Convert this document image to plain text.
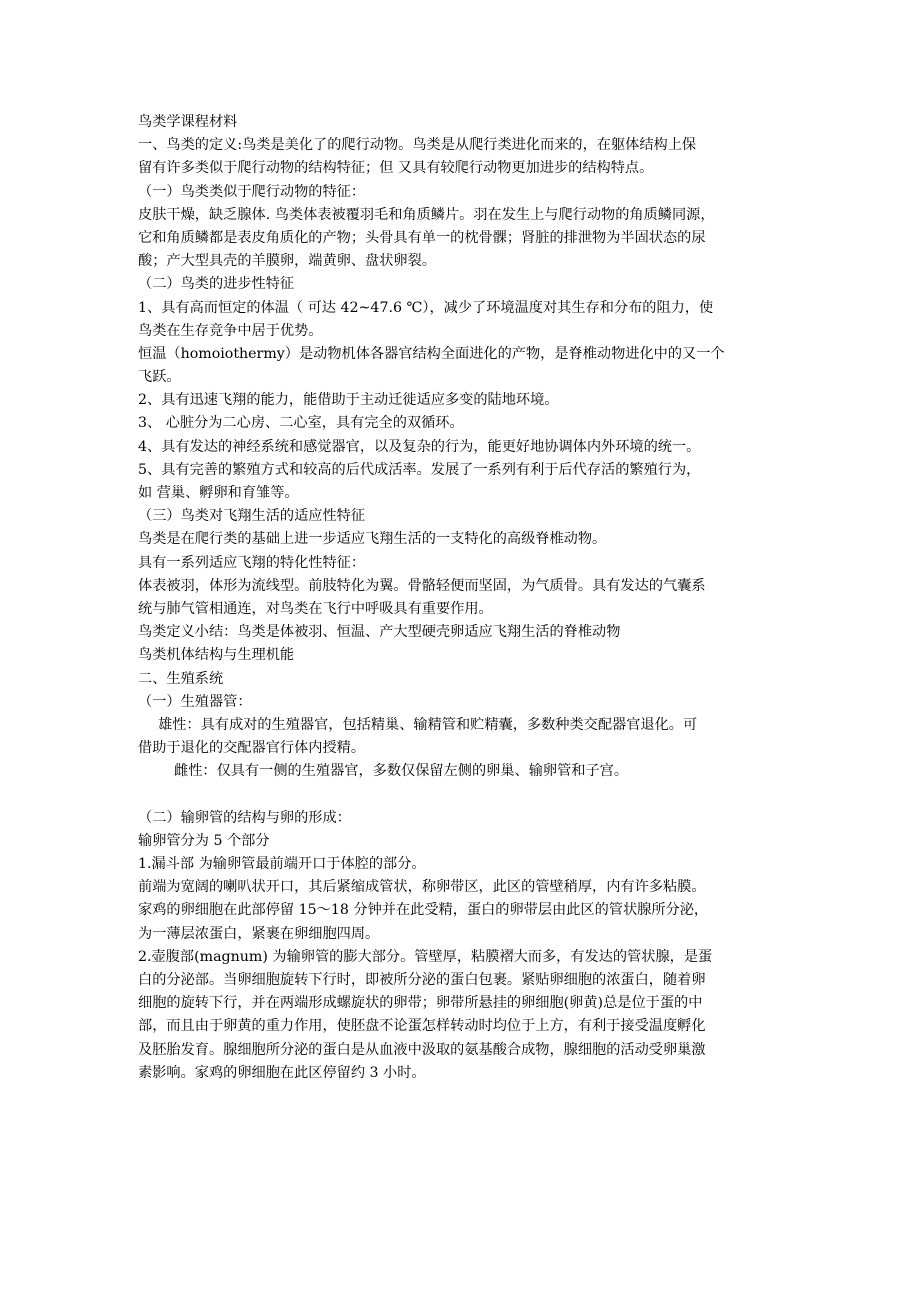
鸟类学课程材料
一、鸟类的定义:鸟类是美化了的爬行动物。鸟类是从爬行类进化而来的，在躯体结构上保
留有许多类似于爬行动物的结构特征；但 又具有较爬行动物更加进步的结构特点。
（一）鸟类类似于爬行动物的特征：
皮肤干燥，缺乏腺体. 鸟类体表被覆羽毛和角质鳞片。羽在发生上与爬行动物的角质鳞同源，
它和角质鳞都是表皮角质化的产物；头骨具有单一的枕骨髁；肾脏的排泄物为半固状态的尿
酸；产大型具壳的羊膜卵，端黄卵、盘状卵裂。
（二）鸟类的进步性特征
1、具有高而恒定的体温（ 可达 42~47.6 ℃），减少了环境温度对其生存和分布的阻力，使
鸟类在生存竞争中居于优势。
恒温（homoiothermy）是动物机体各器官结构全面进化的产物，是脊椎动物进化中的又一个
飞跃。
2、具有迅速飞翔的能力，能借助于主动迁徙适应多变的陆地环境。
3、 心脏分为二心房、二心室，具有完全的双循环。
4、具有发达的神经系统和感觉器官，以及复杂的行为，能更好地协调体内外环境的统一。
5、具有完善的繁殖方式和较高的后代成活率。发展了一系列有利于后代存活的繁殖行为，
如 营巢、孵卵和育雏等。
（三）鸟类对飞翔生活的适应性特征
鸟类是在爬行类的基础上进一步适应飞翔生活的一支特化的高级脊椎动物。
具有一系列适应飞翔的特化性特征：
体表被羽，体形为流线型。前肢特化为翼。骨骼轻便而坚固，为气质骨。具有发达的气囊系
统与肺气管相通连，对鸟类在飞行中呼吸具有重要作用。
鸟类定义小结：鸟类是体被羽、恒温、产大型硬壳卵适应飞翔生活的脊椎动物
鸟类机体结构与生理机能
二、生殖系统
（一）生殖器管：
雄性：具有成对的生殖器官，包括精巢、输精管和贮精囊，多数种类交配器官退化。可
借助于退化的交配器官行体内授精。
雌性：仅具有一侧的生殖器官，多数仅保留左侧的卵巢、输卵管和子宫。
（二）输卵管的结构与卵的形成：
输卵管分为 5 个部分
1.漏斗部 为输卵管最前端开口于体腔的部分。
前端为宽阔的喇叭状开口，其后紧缩成管状，称卵带区，此区的管壁稍厚，内有许多粘膜。
家鸡的卵细胞在此部停留 15～18 分钟并在此受精，蛋白的卵带层由此区的管状腺所分泌，
为一薄层浓蛋白，紧裹在卵细胞四周。
2.壶腹部(magnum) 为输卵管的膨大部分。管壁厚，粘膜褶大而多，有发达的管状腺，是蛋
白的分泌部。当卵细胞旋转下行时，即被所分泌的蛋白包裹。紧贴卵细胞的浓蛋白，随着卵
细胞的旋转下行，并在两端形成螺旋状的卵带；卵带所悬挂的卵细胞(卵黄)总是位于蛋的中
部，而且由于卵黄的重力作用，使胚盘不论蛋怎样转动时均位于上方，有利于接受温度孵化
及胚胎发育。腺细胞所分泌的蛋白是从血液中汲取的氨基酸合成物，腺细胞的活动受卵巢激
素影响。家鸡的卵细胞在此区停留约 3 小时。
